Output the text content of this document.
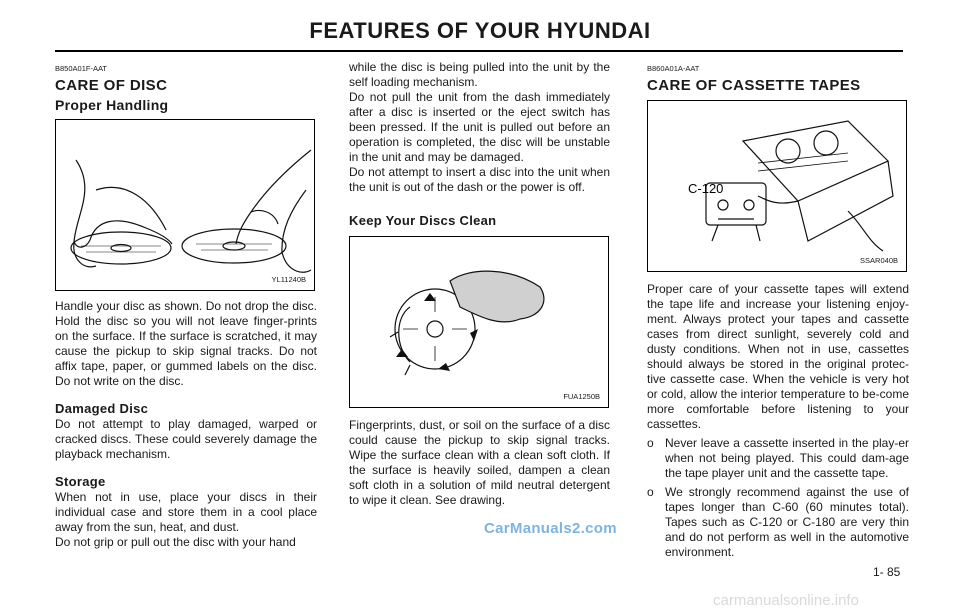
FEATURES OF YOUR HYUNDAI
B850A01F-AAT
CARE OF DISC
Proper Handling
YL11240B

Handle your disc as shown. Do not drop the disc. Hold the disc so you will not leave finger-prints on the surface. If the surface is scratched, it may cause the pickup to skip signal tracks. Do not affix tape, paper, or gummed labels on the disc. Do not write on the disc.

Damaged Disc

Do not attempt to play damaged, warped or cracked discs. These could severely damage the playback mechanism.

Storage

When not in use, place your discs in their individual case and store them in a cool place away from the sun, heat, and dust.

Do not grip or pull out the disc with your hand

while the disc is being pulled into the unit by the self loading mechanism.

Do not pull the unit from the dash immediately after a disc is inserted or the eject switch has been pressed. If the unit is pulled out before an operation is completed, the disc will be unstable in the unit and may be damaged.

Do not attempt to insert a disc into the unit when the unit is out of the dash or the power is off.

Keep Your Discs Clean
FUA1250B

Fingerprints, dust, or soil on the surface of a disc could cause the pickup to skip signal tracks. Wipe the surface clean with a clean soft cloth. If the surface is heavily soiled, dampen a clean soft cloth in a solution of mild neutral detergent to wipe it clean. See drawing.

B860A01A-AAT
CARE OF CASSETTE TAPES
C-120
SSAR040B

Proper care of your cassette tapes will extend the tape life and increase your listening enjoy-ment. Always protect your tapes and cassette cases from direct sunlight, severely cold and dusty conditions. When not in use, cassettes should always be stored in the original protec-tive cassette case. When the vehicle is very hot or cold, allow the interior temperature to be-come more comfortable before listening to your cassettes.

o Never leave a cassette inserted in the play-er when not being played. This could dam-age the tape player unit and the cassette tape.
o We strongly recommend against the use of tapes longer than C-60 (60 minutes total). Tapes such as C-120 or C-180 are very thin and do not perform as well in the automotive environment.
CarManuals2.com
1- 85
carmanualsonline.info
